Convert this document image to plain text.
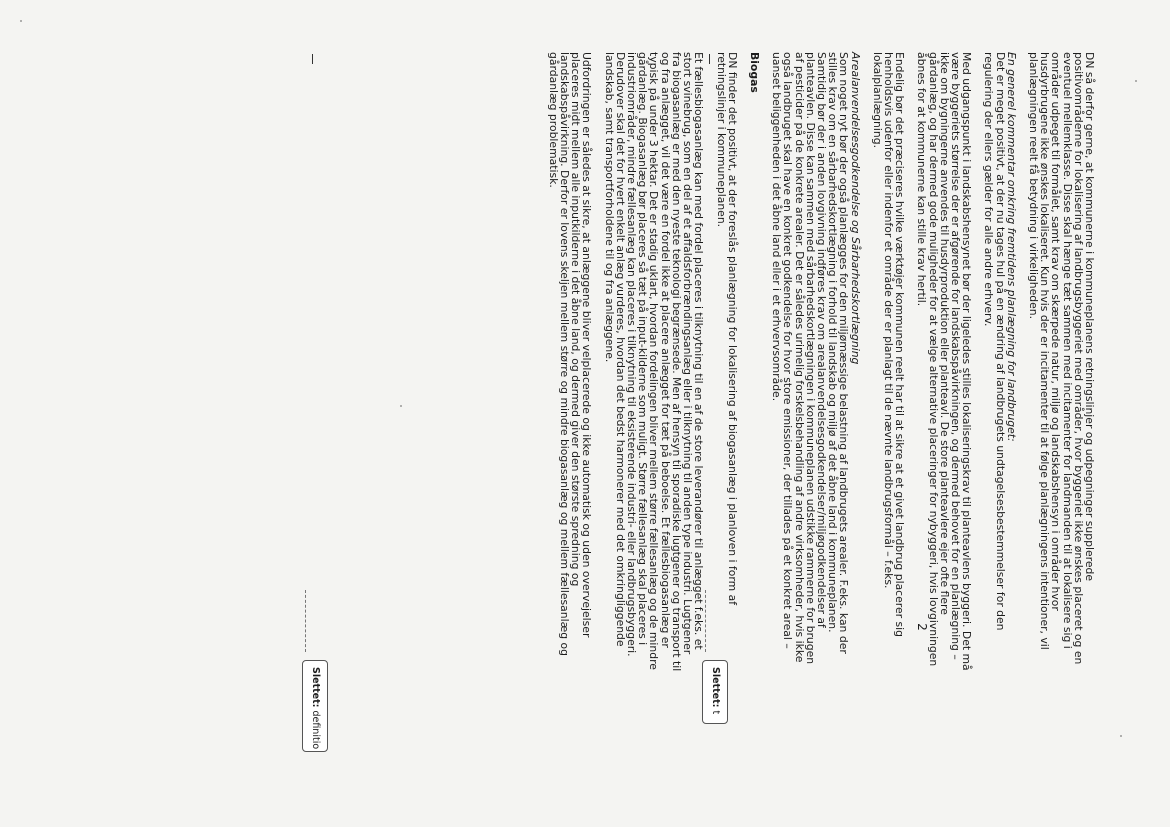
DN så derfor gerne, at kommunerne i kommuneplanens retningslinjer og udpegninger supplerede positivområderne for lokalisering af landbrugsbyggeriet med områder, hvor byggeriet ikke ønskes placeret og en eventuel mellemklasse. Disse skal hænge tæt sammen med incitamenter for landmanden til at lokalisere sig i områder udpeget til formålet, samt krav om skærpede natur, miljø og landskabshensyn i områder hvor husdyrbrugene ikke ønskes lokaliseret. Kun hvis der er incitamenter til at følge planlægningens intentioner, vil planlægningen reelt få betydning i virkeligheden.

En generel kommentar omkring fremtidens planlægning for landbruget:

Det er meget positivt, at der nu tages hul på en ændring af landbrugets undtagelsesbestemmelser for den regulering der ellers gælder for alle andre erhverv.

Med udgangspunkt i landskabshensynet bør der ligeledes stilles lokaliseringskrav til planteavlens byggeri. Det må være byggeriets størrelse der er afgørende for landskabspåvirkningen, og dermed behovet for en planlægning – ikke om bygningerne anvendes til husdyrproduktion eller planteavl. De store planteavlere ejer ofte flere gårdanlæg, og har dermed gode muligheder for at vælge alternative placeringer for nybyggeri, hvis lovgivningen åbnes for at kommunerne kan stille krav hertil.

Endelig bør det præciseres hvilke værktøjer kommunen reelt har til at sikre at et givet landbrug placerer sig henholdsvis udenfor eller indenfor et område der er planlagt til de nævnte landbrugsformål – f.eks. lokalplanlægning.

Arealanvendelsesgodkendelse og Sårbarhedskortlægning

Som noget nyt bør der også planlægges for den miljømæssige belastning af landbrugets arealer. F.eks. kan der stilles krav om en sårbarhedskortlægning i forhold til landskab og miljø af det åbne land i kommuneplanen. Samtidig bør der i anden lovgivning indføres krav om arealanvendelsesgodkendelser/miljøgodkendelser af planteavlen. Disse kan sammen med sårbarhedskortlægningen i kommuneplanen udstikke rammerne for brugen af pesticider på de konkrete arealer. Det er således urimelig forskelsbehandling af andre virksomheder, hvis ikke også landbruget skal have en konkret godkendelse for hvor store emissioner, der tillades på et konkret areal – uanset beliggenheden i det åbne land eller i et erhvervsområde.

Biogas

DN finder det positivt, at der foreslås planlægning for lokalisering af biogasanlæg i planloven i form af retningslinjer i kommuneplanen.

Et fællesbiogasanlæg kan med fordel placeres i tilknytning til en af de store leverandører til anlægget f.eks. et stort svinebrug, som en del af et affaldsforbrændingsanlæg eller i tilknytning til anden type industri. Lugtgener fra biogasanlæg er med den nyeste teknologi begrænsede. Men af hensyn til sporadiske lugtgener og transport til og fra anlægget, vil det være en fordel ikke at placere anlægget for tæt på beboelse. Et fællesbiogasanlæg er typisk på under 3 hektar. Det er stadig uklart, hvordan fordelingen bliver mellem større fællesanlæg og de mindre gårdanlæg. Biogasanlæg bør placeres så tæt på input-kilderne som muligt. Større fællesanlæg skal placeres i industriområder, mindre fællesanlæg kan placeres i tilknytning til eksisterende industri- eller landbrugsbyggeri. Derudover skal det for hvert enkelt anlæg vurderes, hvordan det bedst harmonerer med det omkringliggende landskab, samt transportforholdene til og fra anlæggene.

Udfordringen er således at sikre, at anlæggene bliver velplacerede og ikke automatisk og uden overvejelser placeres midt mellem alle inputkilderne i det åbne land, og dermed giver den største spredning og landskabspåvirkning. Derfor er lovens skeljen mellem større og mindre biogasanlæg og mellem fællesanlæg og gårdanlæg problematisk.

2
Slettet: t
Slettet: definitio
